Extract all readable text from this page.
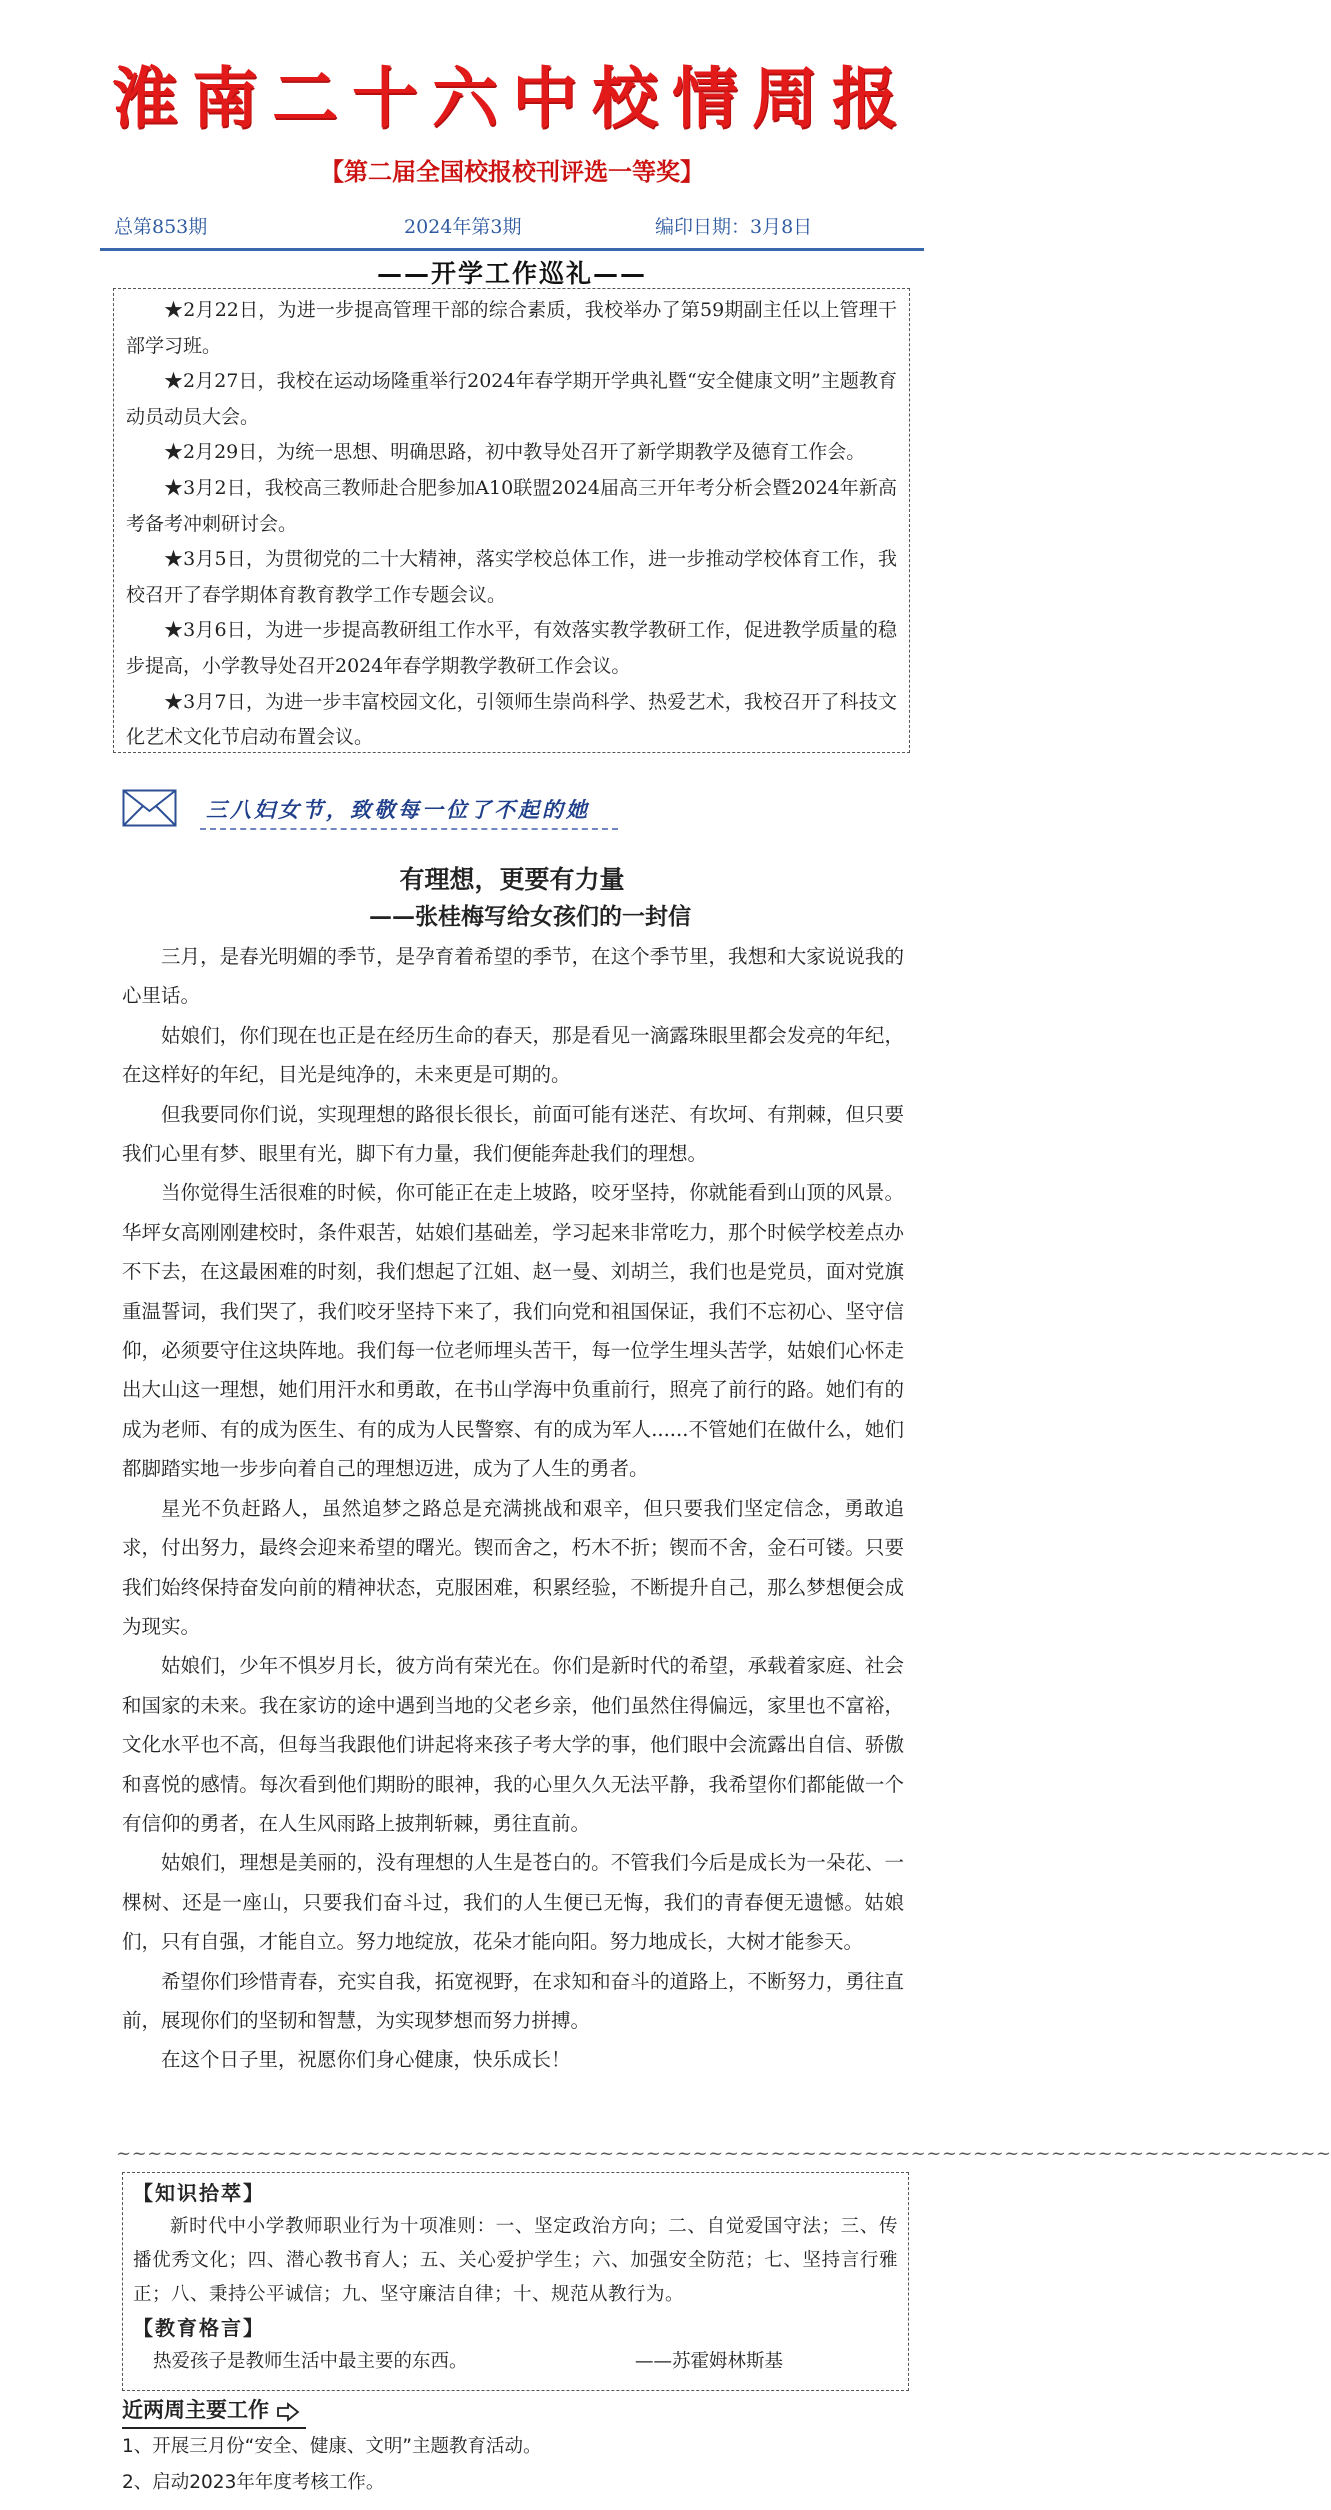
淮南二十六中校情周报
【第二届全国校报校刊评选一等奖】
总第853期	2024年第3期	编印日期：3月8日
——开学工作巡礼——

★2月22日，为进一步提高管理干部的综合素质，我校举办了第59期副主任以上管理干部学习班。

★2月27日，我校在运动场隆重举行2024年春学期开学典礼暨“安全健康文明”主题教育动员动员大会。

★2月29日，为统一思想、明确思路，初中教导处召开了新学期教学及德育工作会。

★3月2日，我校高三教师赴合肥参加A10联盟2024届高三开年考分析会暨2024年新高考备考冲刺研讨会。

★3月5日，为贯彻党的二十大精神，落实学校总体工作，进一步推动学校体育工作，我校召开了春学期体育教育教学工作专题会议。

★3月6日，为进一步提高教研组工作水平，有效落实教学教研工作，促进教学质量的稳步提高，小学教导处召开2024年春学期教学教研工作会议。

★3月7日，为进一步丰富校园文化，引领师生崇尚科学、热爱艺术，我校召开了科技文化艺术文化节启动布置会议。

三八妇女节，致敬每一位了不起的她
有理想，更要有力量
——张桂梅写给女孩们的一封信

三月，是春光明媚的季节，是孕育着希望的季节，在这个季节里，我想和大家说说我的心里话。

姑娘们，你们现在也正是在经历生命的春天，那是看见一滴露珠眼里都会发亮的年纪，在这样好的年纪，目光是纯净的，未来更是可期的。

但我要同你们说，实现理想的路很长很长，前面可能有迷茫、有坎坷、有荆棘，但只要我们心里有梦、眼里有光，脚下有力量，我们便能奔赴我们的理想。

当你觉得生活很难的时候，你可能正在走上坡路，咬牙坚持，你就能看到山顶的风景。华坪女高刚刚建校时，条件艰苦，姑娘们基础差，学习起来非常吃力，那个时候学校差点办不下去，在这最困难的时刻，我们想起了江姐、赵一曼、刘胡兰，我们也是党员，面对党旗重温誓词，我们哭了，我们咬牙坚持下来了，我们向党和祖国保证，我们不忘初心、坚守信仰，必须要守住这块阵地。我们每一位老师埋头苦干，每一位学生埋头苦学，姑娘们心怀走出大山这一理想，她们用汗水和勇敢，在书山学海中负重前行，照亮了前行的路。她们有的成为老师、有的成为医生、有的成为人民警察、有的成为军人......不管她们在做什么，她们都脚踏实地一步步向着自己的理想迈进，成为了人生的勇者。

星光不负赶路人，虽然追梦之路总是充满挑战和艰辛，但只要我们坚定信念，勇敢追求，付出努力，最终会迎来希望的曙光。锲而舍之，朽木不折；锲而不舍，金石可镂。只要我们始终保持奋发向前的精神状态，克服困难，积累经验，不断提升自己，那么梦想便会成为现实。

姑娘们，少年不惧岁月长，彼方尚有荣光在。你们是新时代的希望，承载着家庭、社会和国家的未来。我在家访的途中遇到当地的父老乡亲，他们虽然住得偏远，家里也不富裕，文化水平也不高，但每当我跟他们讲起将来孩子考大学的事，他们眼中会流露出自信、骄傲和喜悦的感情。每次看到他们期盼的眼神，我的心里久久无法平静，我希望你们都能做一个有信仰的勇者，在人生风雨路上披荆斩棘，勇往直前。

姑娘们，理想是美丽的，没有理想的人生是苍白的。不管我们今后是成长为一朵花、一棵树、还是一座山，只要我们奋斗过，我们的人生便已无悔，我们的青春便无遗憾。姑娘们，只有自强，才能自立。努力地绽放，花朵才能向阳。努力地成长，大树才能参天。

希望你们珍惜青春，充实自我，拓宽视野，在求知和奋斗的道路上，不断努力，勇往直前，展现你们的坚韧和智慧，为实现梦想而努力拼搏。

在这个日子里，祝愿你们身心健康，快乐成长！

~~~~~~~~~~~~~~~~~~~~~~~~~~~~~~~~~~~~~~~~~~~~~~~~~~~~~~~~~~~~~~~~~~~~~~~~~~~~~~
【知识拾萃】
新时代中小学教师职业行为十项准则：一、坚定政治方向；二、自觉爱国守法；三、传播优秀文化；四、潜心教书育人；五、关心爱护学生；六、加强安全防范；七、坚持言行雅正；八、秉持公平诚信；九、坚守廉洁自律；十、规范从教行为。
【教育格言】
热爱孩子是教师生活中最主要的东西。	——苏霍姆林斯基
近两周主要工作

1、开展三月份“安全、健康、文明”主题教育活动。

2、启动2023年年度考核工作。
